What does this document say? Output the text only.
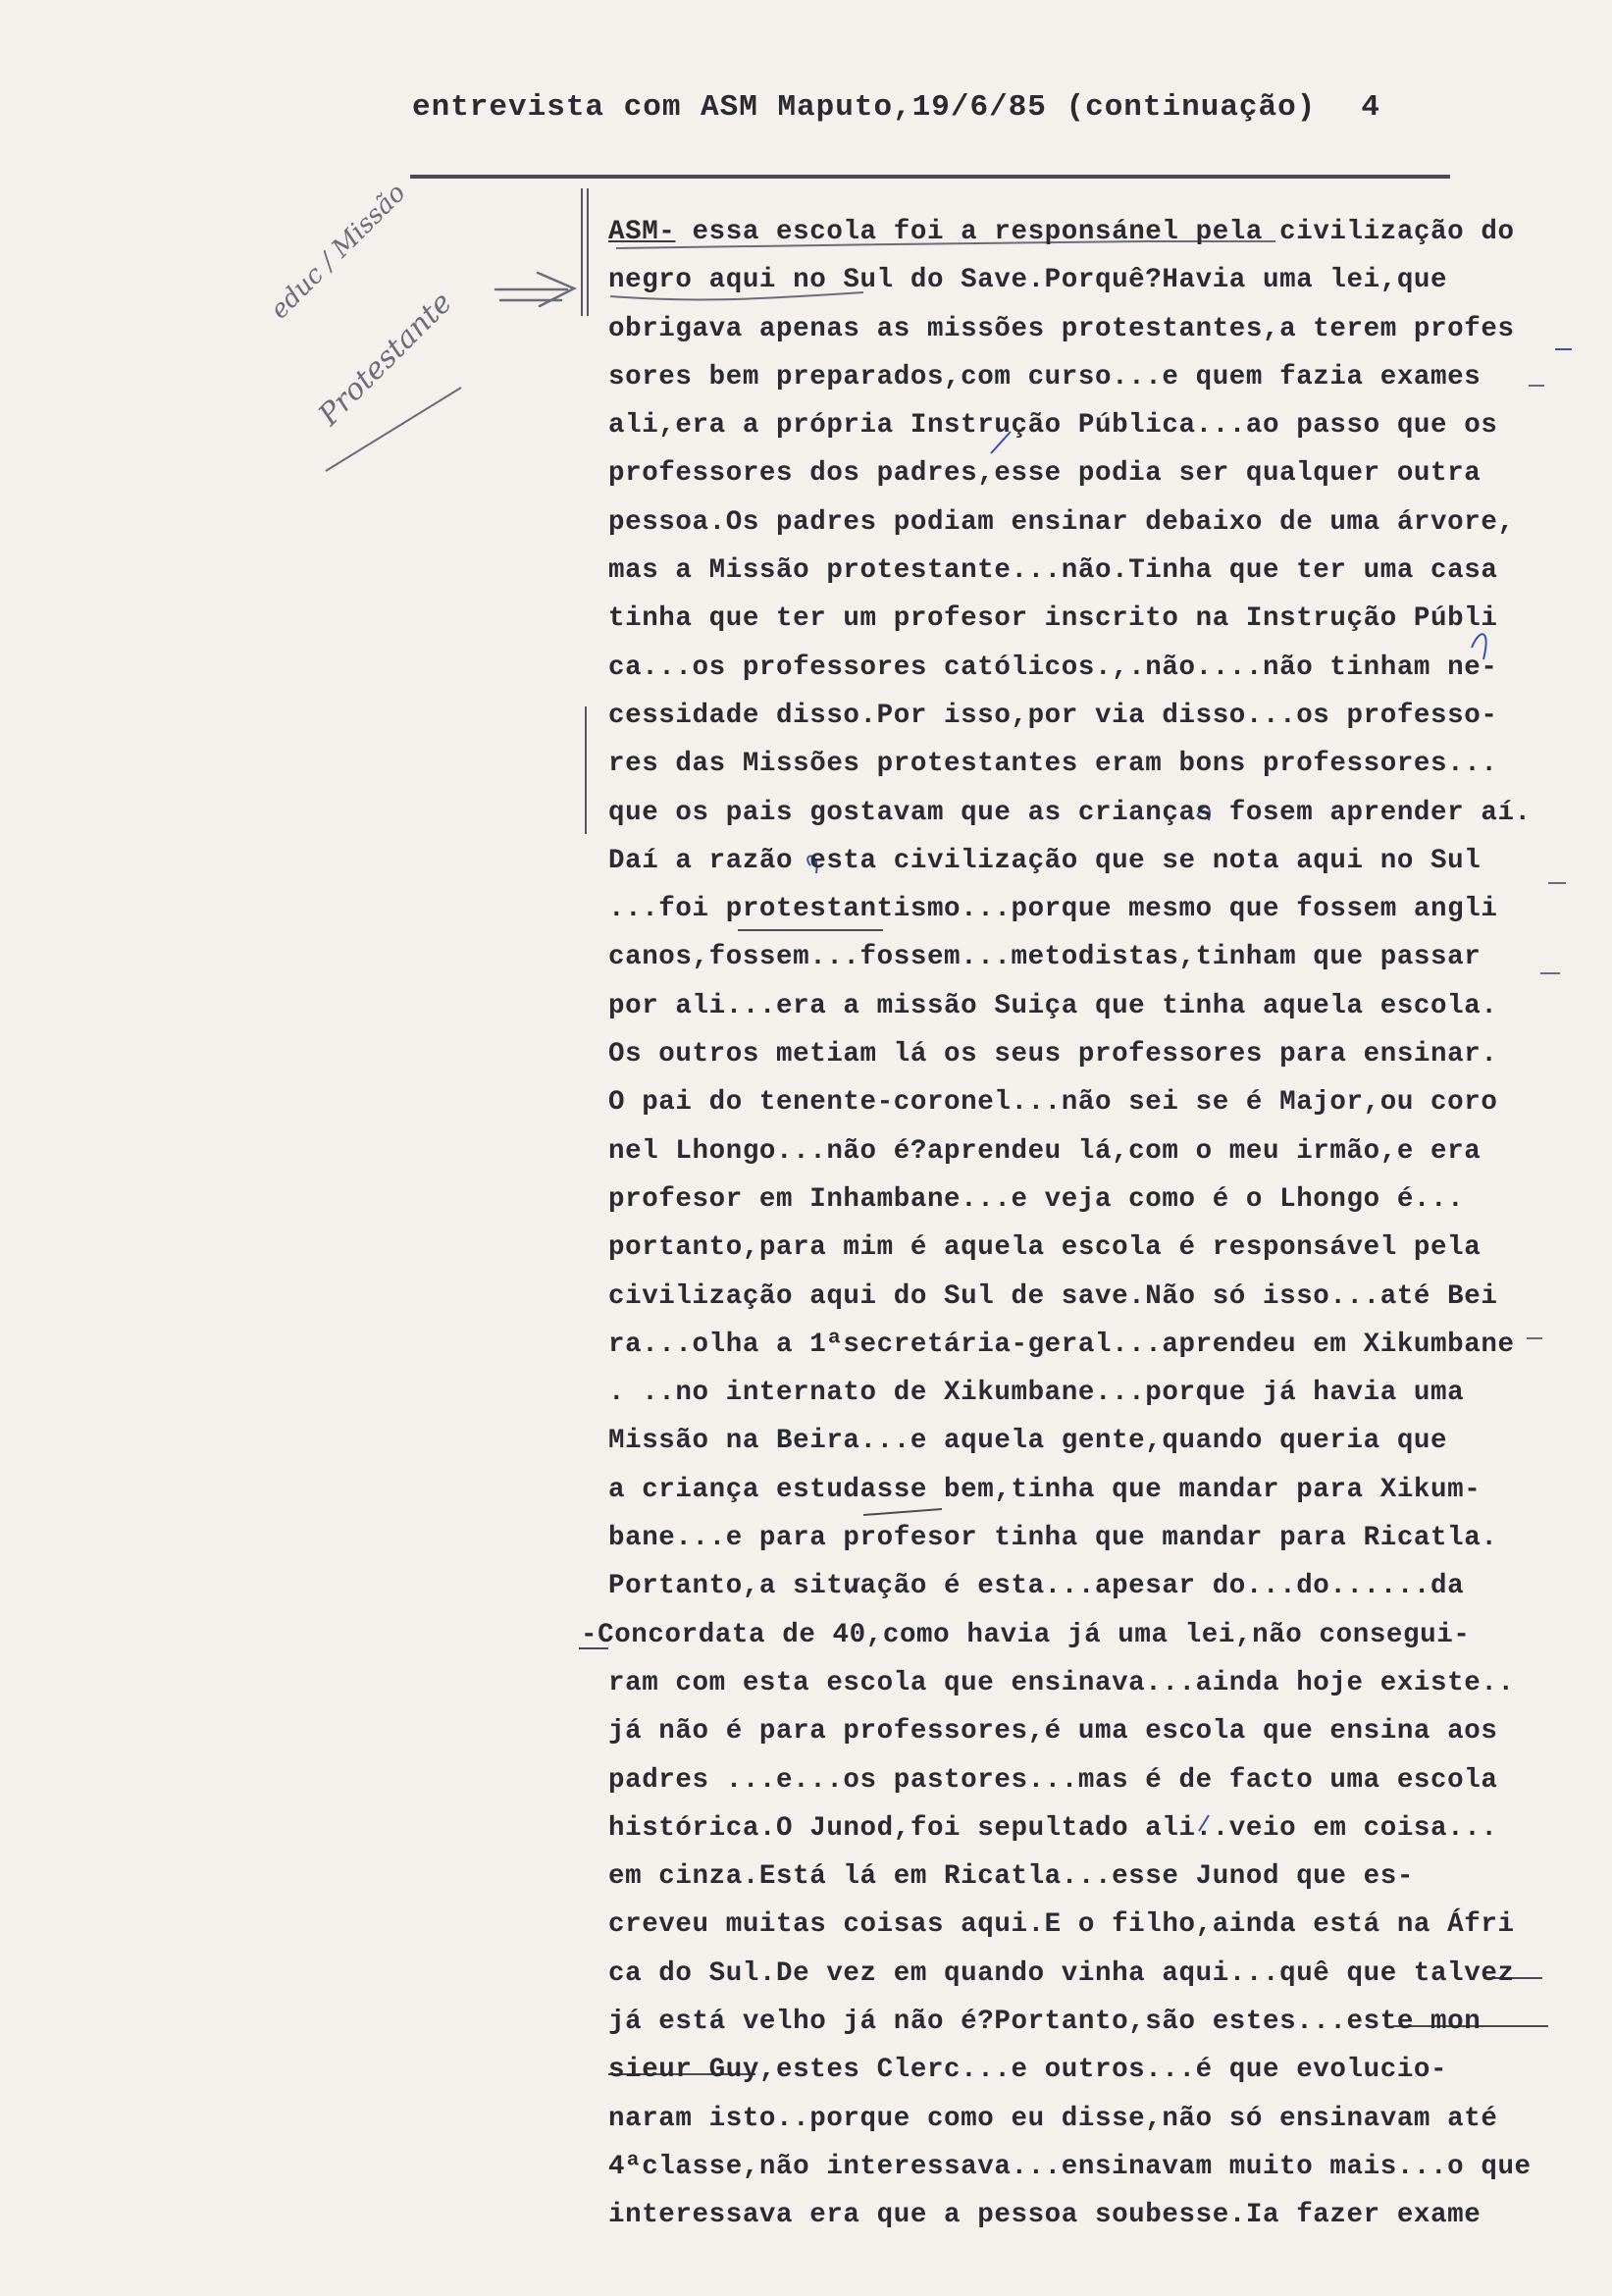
entrevista com ASM Maputo,19/6/85 (continuação) 4
educ / Missão
Protestante
ASM- essa escola foi a responsánel pela civilização do
negro aqui no Sul do Save.Porquê?Havia uma lei,que
obrigava apenas as missões protestantes,a terem profes
sores bem preparados,com curso...e quem fazia exames
ali,era a própria Instrução Pública...ao passo que os
professores dos padres,esse podia ser qualquer outra
pessoa.Os padres podiam ensinar debaixo de uma árvore,
mas a Missão protestante...não.Tinha que ter uma casa
tinha que ter um profesor inscrito na Instrução Públi
ca...os professores católicos.,.não....não tinham ne-
cessidade disso.Por isso,por via disso...os professo-
res das Missões protestantes eram bons professores...
que os pais gostavam que as crianças fosem aprender aí.
Daí a razão esta civilização que se nota aqui no Sul
...foi protestantismo...porque mesmo que fossem angli
canos,fossem...fossem...metodistas,tinham que passar
por ali...era a missão Suiça que tinha aquela escola.
Os outros metiam lá os seus professores para ensinar.
O pai do tenente-coronel...não sei se é Major,ou coro
nel Lhongo...não é?aprendeu lá,com o meu irmão,e era
profesor em Inhambane...e veja como é o Lhongo é...
portanto,para mim é aquela escola é responsável pela
civilização aqui do Sul de save.Não só isso...até Bei
ra...olha a 1ªsecretária-geral...aprendeu em Xikumbane
. ..no internato de Xikumbane...porque já havia uma
Missão na Beira...e aquela gente,quando queria que
a criança estudasse bem,tinha que mandar para Xikum-
bane...e para profesor tinha que mandar para Ricatla.
Portanto,a situação é esta...apesar do...do......da
-Concordata de 40,como havia já uma lei,não consegui-
ram com esta escola que ensinava...ainda hoje existe..
já não é para professores,é uma escola que ensina aos
padres ...e...os pastores...mas é de facto uma escola
histórica.O Junod,foi sepultado ali..veio em coisa...
em cinza.Está lá em Ricatla...esse Junod que es-
creveu muitas coisas aqui.E o filho,ainda está na Áfri
ca do Sul.De vez em quando vinha aqui...quê que talvez
já está velho já não é?Portanto,são estes...este mon
sieur Guy,estes Clerc...e outros...é que evolucio-
naram isto..porque como eu disse,não só ensinavam até
4ªclasse,não interessava...ensinavam muito mais...o que
interessava era que a pessoa soubesse.Ia fazer exame
